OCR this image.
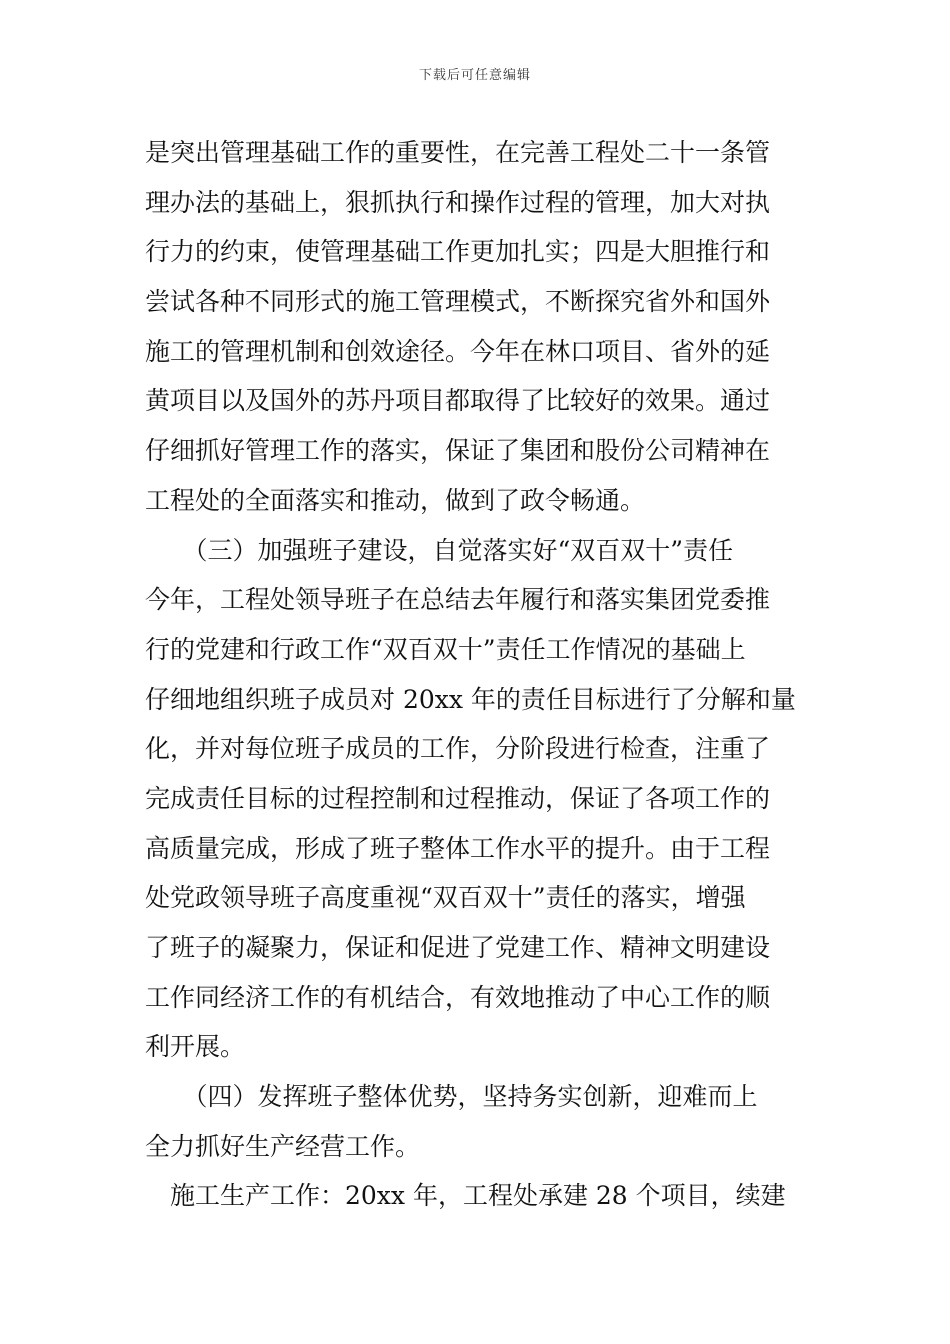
下载后可任意编辑
是突出管理基础工作的重要性，在完善工程处二十一条管
理办法的基础上，狠抓执行和操作过程的管理，加大对执
行力的约束，使管理基础工作更加扎实；四是大胆推行和
尝试各种不同形式的施工管理模式，不断探究省外和国外
施工的管理机制和创效途径。今年在林口项目、省外的延
黄项目以及国外的苏丹项目都取得了比较好的效果。通过
仔细抓好管理工作的落实，保证了集团和股份公司精神在
工程处的全面落实和推动，做到了政令畅通。
　　（三）加强班子建设，自觉落实好“双百双十”责任
今年，工程处领导班子在总结去年履行和落实集团党委推
行的党建和行政工作“双百双十”责任工作情况的基础上
仔细地组织班子成员对 20xx 年的责任目标进行了分解和量
化，并对每位班子成员的工作，分阶段进行检查，注重了
完成责任目标的过程控制和过程推动，保证了各项工作的
高质量完成，形成了班子整体工作水平的提升。由于工程
处党政领导班子高度重视“双百双十”责任的落实，增强
了班子的凝聚力，保证和促进了党建工作、精神文明建设
工作同经济工作的有机结合，有效地推动了中心工作的顺
利开展。
　　（四）发挥班子整体优势，坚持务实创新，迎难而上
全力抓好生产经营工作。
　施工生产工作：20xx 年，工程处承建 28 个项目，续建
